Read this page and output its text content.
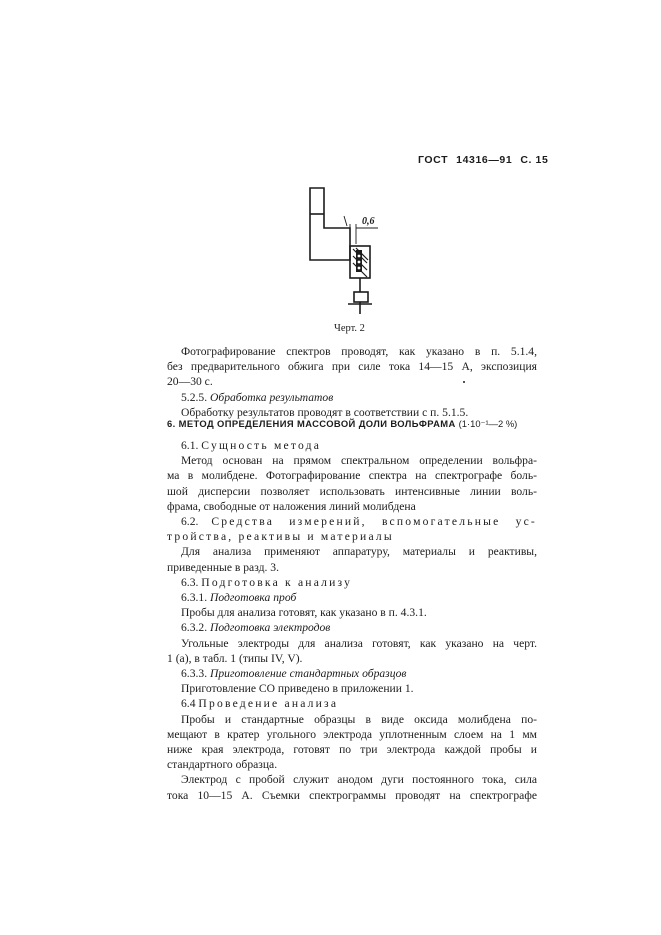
ГОСТ 14316—91 С. 15
0,6
Черт. 2
Фотографирование спектров проводят, как указано в п. 5.1.4,
без предварительного обжига при силе тока 14—15 А, экспозиция
20—30 с.
5.2.5. Обработка результатов
Обработку результатов проводят в соответствии с п. 5.1.5.
6. МЕТОД ОПРЕДЕЛЕНИЯ МАССОВОЙ ДОЛИ ВОЛЬФРАМА (1·10⁻¹—2 %)
6.1. Сущность метода
Метод основан на прямом спектральном определении вольфра-
ма в молибдене. Фотографирование спектра на спектрографе боль-
шой дисперсии позволяет использовать интенсивные линии воль-
фрама, свободные от наложения линий молибдена
6.2. Средства измерений, вспомогательные ус-
тройства, реактивы и материалы
Для анализа применяют аппаратуру, материалы и реактивы,
приведенные в разд. 3.
6.3. Подготовка к анализу
6.3.1. Подготовка проб
Пробы для анализа готовят, как указано в п. 4.3.1.
6.3.2. Подготовка электродов
Угольные электроды для анализа готовят, как указано на черт.
1 (а), в табл. 1 (типы IV, V).
6.3.3. Приготовление стандартных образцов
Приготовление СО приведено в приложении 1.
6.4 Проведение анализа
Пробы и стандартные образцы в виде оксида молибдена по-
мещают в кратер угольного электрода уплотненным слоем на 1 мм
ниже края электрода, готовят по три электрода каждой пробы и
стандартного образца.
Электрод с пробой служит анодом дуги постоянного тока, сила
тока 10—15 А. Съемки спектрограммы проводят на спектрографе
